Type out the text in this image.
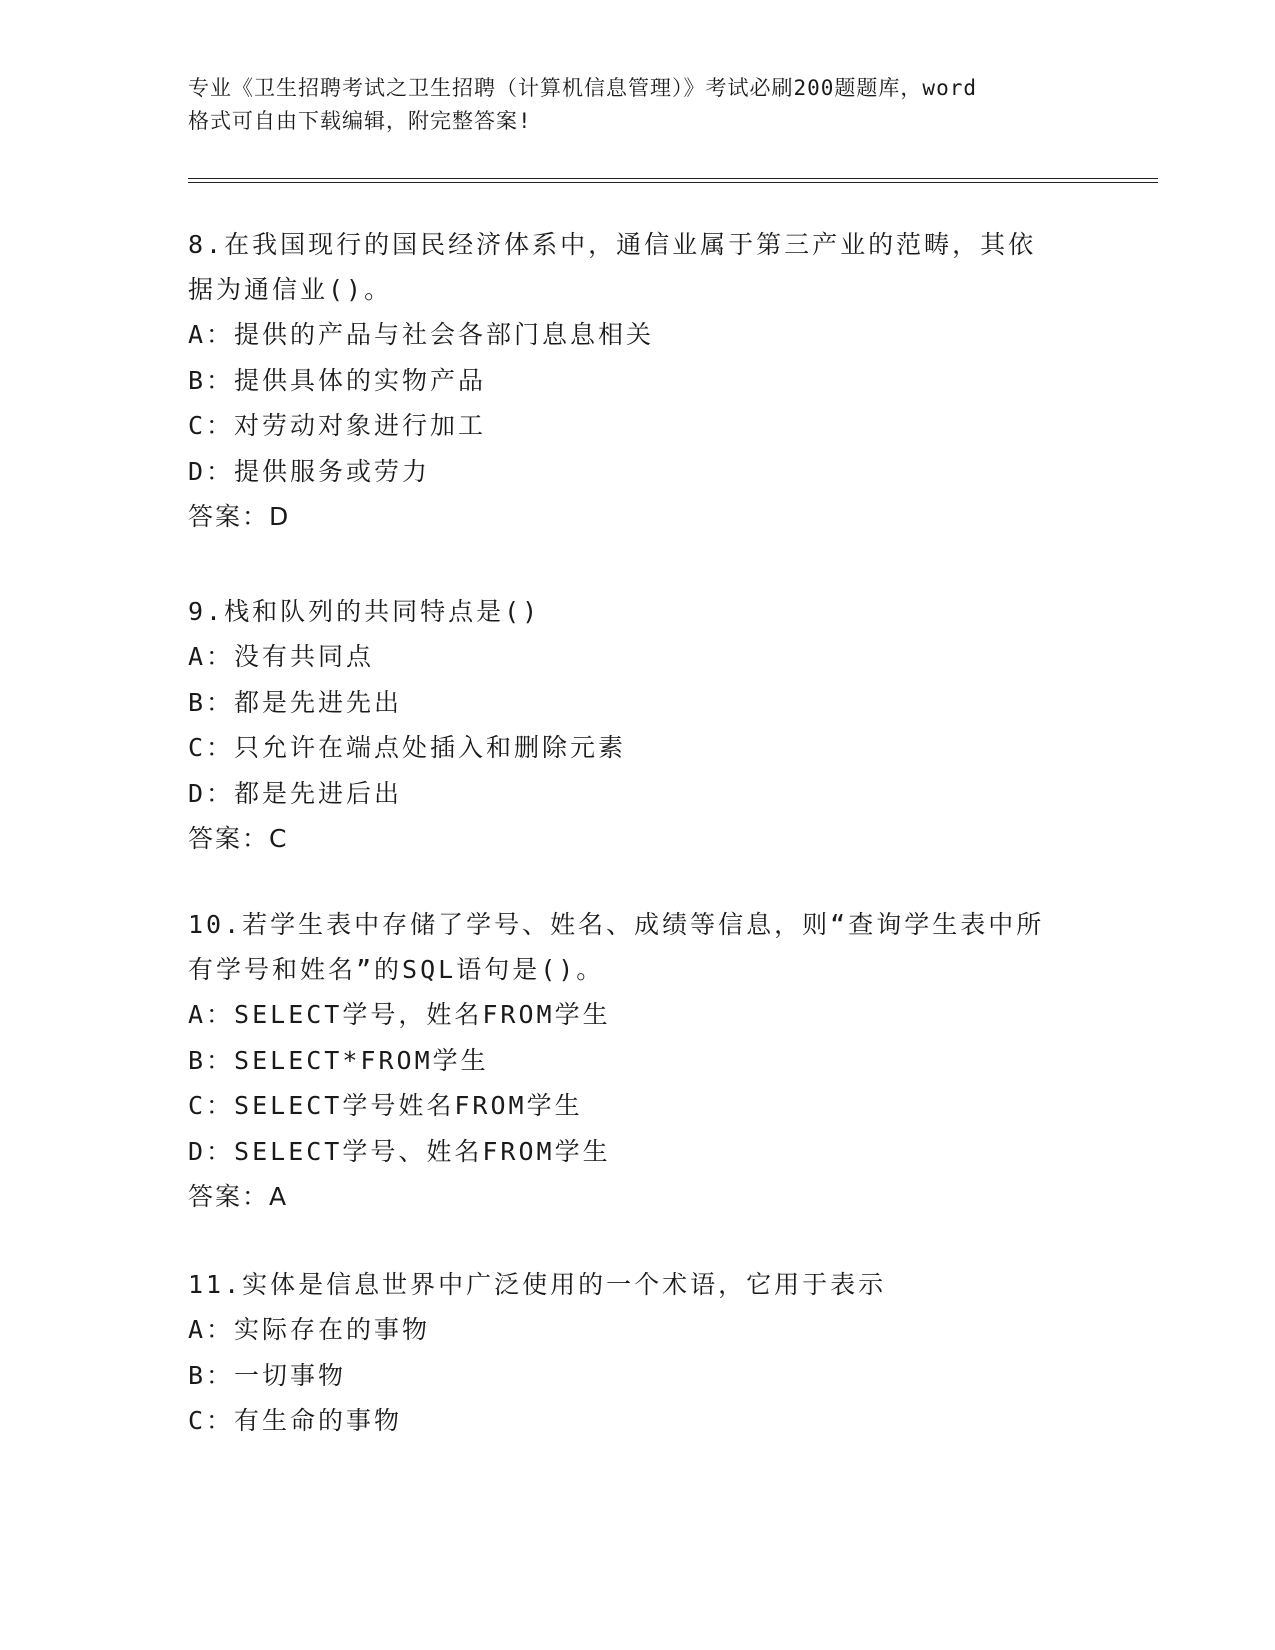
专业《卫生招聘考试之卫生招聘（计算机信息管理）》考试必刷200题题库，word
格式可自由下载编辑，附完整答案!
8.在我国现行的国民经济体系中，通信业属于第三产业的范畴，其依
据为通信业()。
A：提供的产品与社会各部门息息相关
B：提供具体的实物产品
C：对劳动对象进行加工
D：提供服务或劳力
答案：D
9.栈和队列的共同特点是()
A：没有共同点
B：都是先进先出
C：只允许在端点处插入和删除元素
D：都是先进后出
答案：C
10.若学生表中存储了学号、姓名、成绩等信息，则“查询学生表中所
有学号和姓名”的SQL语句是()。
A：SELECT学号，姓名FROM学生
B：SELECT*FROM学生
C：SELECT学号姓名FROM学生
D：SELECT学号、姓名FROM学生
答案：A
11.实体是信息世界中广泛使用的一个术语，它用于表示
A：实际存在的事物
B：一切事物
C：有生命的事物
